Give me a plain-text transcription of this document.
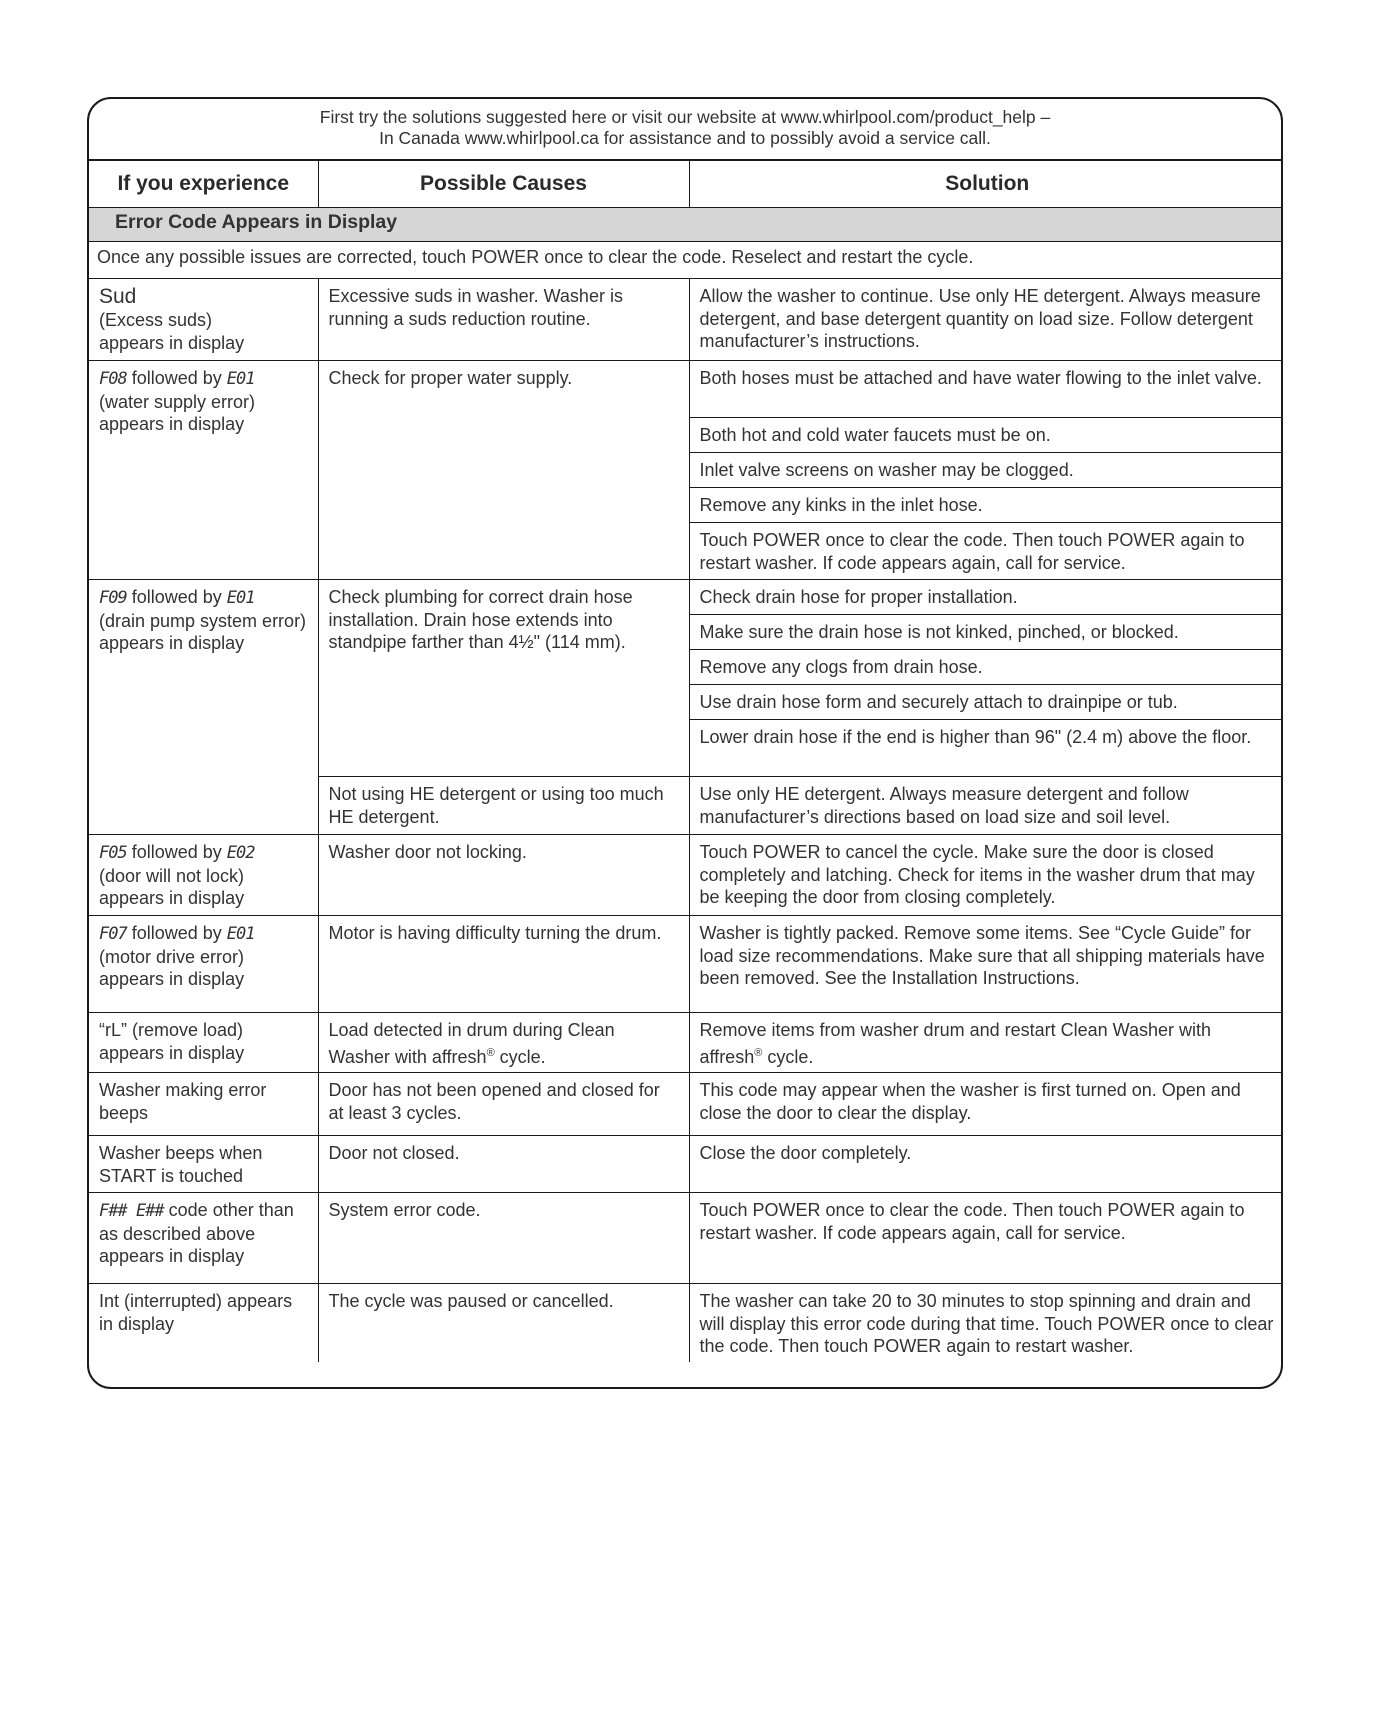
First try the solutions suggested here or visit our website at www.whirlpool.com/product_help –
In Canada www.whirlpool.ca for assistance and to possibly avoid a service call.
If you experience	Possible Causes	Solution
Error Code Appears in Display		
Once any possible issues are corrected, touch POWER once to clear the code. Reselect and restart the cycle.		

Sud
(Excess suds)
appears in display	Excessive suds in washer. Washer is running a suds reduction routine.	Allow the washer to continue. Use only HE detergent. Always measure detergent, and base detergent quantity on load size. Follow detergent manufacturer’s instructions.
F08 followed by E01
(water supply error) appears in display	Check for proper water supply.	Both hoses must be attached and have water flowing to the inlet valve.
		Both hot and cold water faucets must be on.
		Inlet valve screens on washer may be clogged.
		Remove any kinks in the inlet hose.
		Touch POWER once to clear the code. Then touch POWER again to restart washer. If code appears again, call for service.
F09 followed by E01
(drain pump system error) appears in display	Check plumbing for correct drain hose installation. Drain hose extends into standpipe farther than 4½" (114 mm).	Check drain hose for proper installation.
		Make sure the drain hose is not kinked, pinched, or blocked.
		Remove any clogs from drain hose.
		Use drain hose form and securely attach to drainpipe or tub.
		Lower drain hose if the end is higher than 96" (2.4 m) above the floor.
	Not using HE detergent or using too much HE detergent.	Use only HE detergent. Always measure detergent and follow manufacturer’s directions based on load size and soil level.
F05 followed by E02
(door will not lock) appears in display	Washer door not locking.	Touch POWER to cancel the cycle. Make sure the door is closed completely and latching. Check for items in the washer drum that may be keeping the door from closing completely.
F07 followed by E01
(motor drive error) appears in display	Motor is having difficulty turning the drum.	Washer is tightly packed. Remove some items. See “Cycle Guide” for load size recommendations. Make sure that all shipping materials have been removed. See the Installation Instructions.
“rL” (remove load) appears in display	Load detected in drum during Clean Washer with affresh® cycle.	Remove items from washer drum and restart Clean Washer with affresh® cycle.
Washer making error beeps	Door has not been opened and closed for at least 3 cycles.	This code may appear when the washer is first turned on. Open and close the door to clear the display.
Washer beeps when START is touched	Door not closed.	Close the door completely.
F## E## code other than as described above appears in display	System error code.	Touch POWER once to clear the code. Then touch POWER again to restart washer. If code appears again, call for service.
Int (interrupted) appears in display	The cycle was paused or cancelled.	The washer can take 20 to 30 minutes to stop spinning and drain and will display this error code during that time. Touch POWER once to clear the code. Then touch POWER again to restart washer.
